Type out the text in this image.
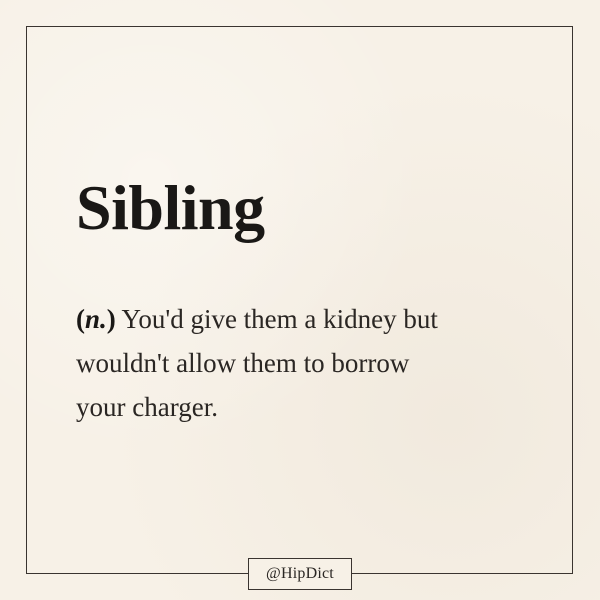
Sibling

(n.) You'd give them a kidney but
wouldn't allow them to borrow
your charger.

@HipDict
